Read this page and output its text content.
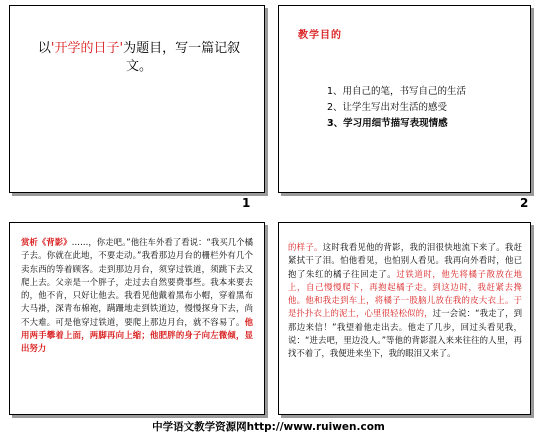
以'开学的日子'为题目，写一篇记叙文。
1
教学目的
1、用自己的笔，书写自己的生活
2、让学生写出对生活的感受
3、学习用细节描写表现情感
2
赏析《背影》……，你走吧。”他往车外看了看说：“我买几个橘子去。你就在此地，不要走动。”我看那边月台的栅栏外有几个卖东西的等着顾客。走到那边月台，须穿过铁道，须跳下去又爬上去。父亲是一个胖子，走过去自然要费事些。我本来要去的，他不肯，只好让他去。我看见他戴着黑布小帽，穿着黑布大马褂，深青布棉袍，蹒跚地走到铁道边，慢慢探身下去，尚不大难。可是他穿过铁道，要爬上那边月台，就不容易了。他用两手攀着上面，两脚再向上缩；他肥胖的身子向左微倾，显出努力
的样子。这时我看见他的背影，我的泪很快地流下来了。我赶紧拭干了泪。怕他看见，也怕别人看见。我再向外看时，他已抱了朱红的橘子往回走了。过铁道时，他先将橘子散放在地上，自己慢慢爬下，再抱起橘子走。到这边时，我赶紧去搀他。他和我走到车上，将橘子一股脑儿放在我的皮大衣上。于是扑扑衣上的泥土，心里很轻松似的，过一会说：“我走了，到那边来信！”我望着他走出去。他走了几步，回过头看见我，说：“进去吧，里边没人。”等他的背影混入来来往往的人里，再找不着了，我便进来坐下，我的眼泪又来了。
中学语文教学资源网http://www.ruiwen.com
